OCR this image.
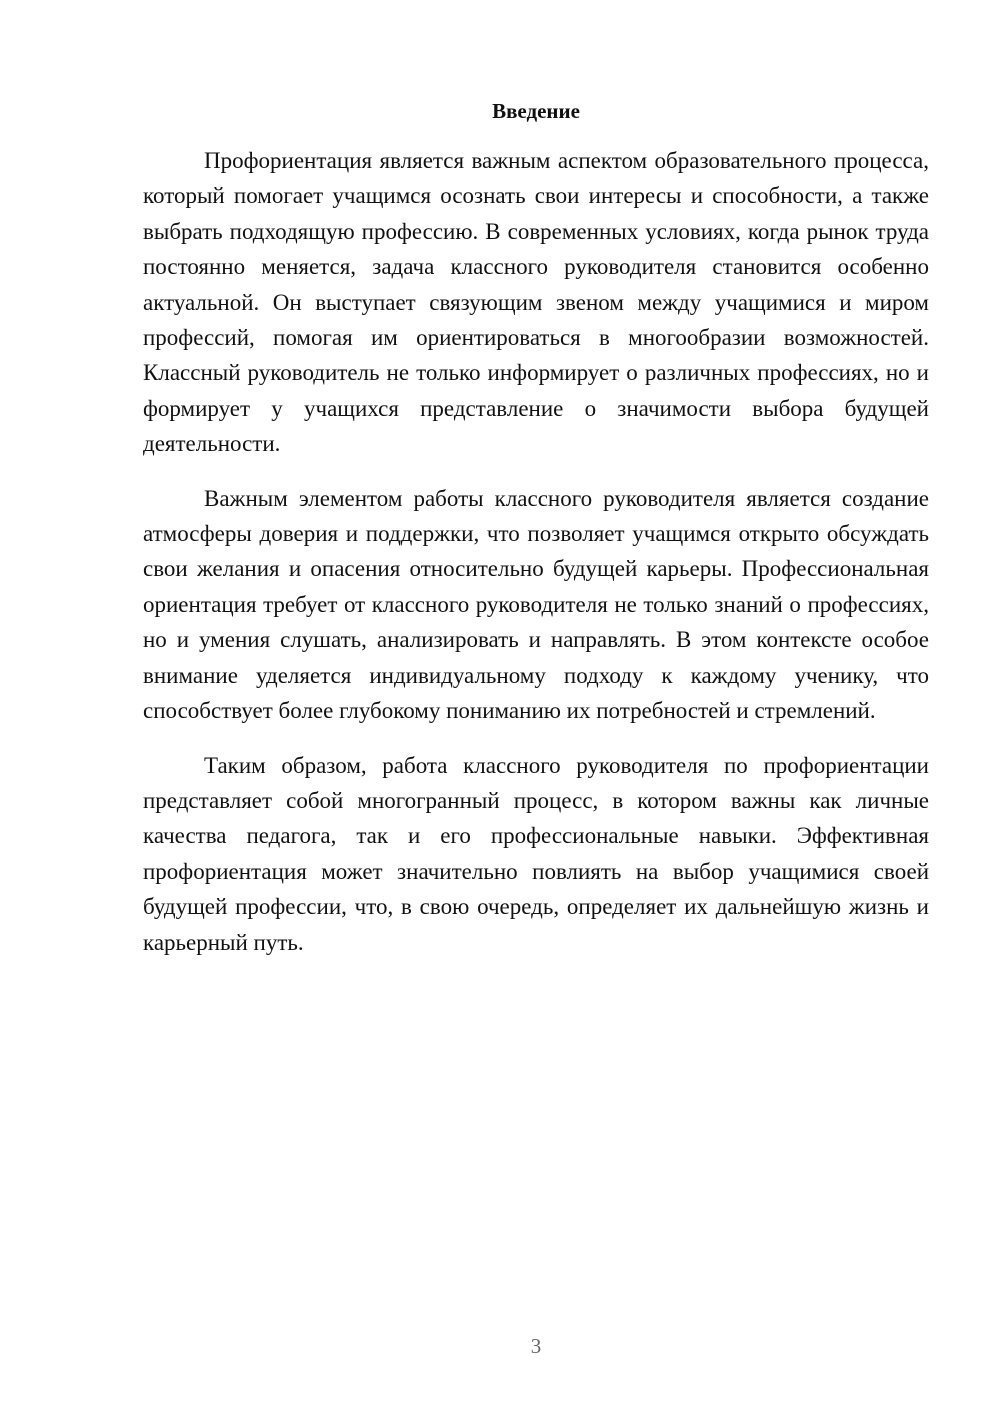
Введение

Профориентация является важным аспектом образовательного процесса, который помогает учащимся осознать свои интересы и способности, а также выбрать подходящую профессию. В современных условиях, когда рынок труда постоянно меняется, задача классного руководителя становится особенно актуальной. Он выступает связующим звеном между учащимися и миром профессий, помогая им ориентироваться в многообразии возможностей. Классный руководитель не только информирует о различных профессиях, но и формирует у учащихся представление о значимости выбора будущей деятельности.

Важным элементом работы классного руководителя является создание атмосферы доверия и поддержки, что позволяет учащимся открыто обсуждать свои желания и опасения относительно будущей карьеры. Профессиональная ориентация требует от классного руководителя не только знаний о профессиях, но и умения слушать, анализировать и направлять. В этом контексте особое внимание уделяется индивидуальному подходу к каждому ученику, что способствует более глубокому пониманию их потребностей и стремлений.

Таким образом, работа классного руководителя по профориентации представляет собой многогранный процесс, в котором важны как личные качества педагога, так и его профессиональные навыки. Эффективная профориентация может значительно повлиять на выбор учащимися своей будущей профессии, что, в свою очередь, определяет их дальнейшую жизнь и карьерный путь.

3
